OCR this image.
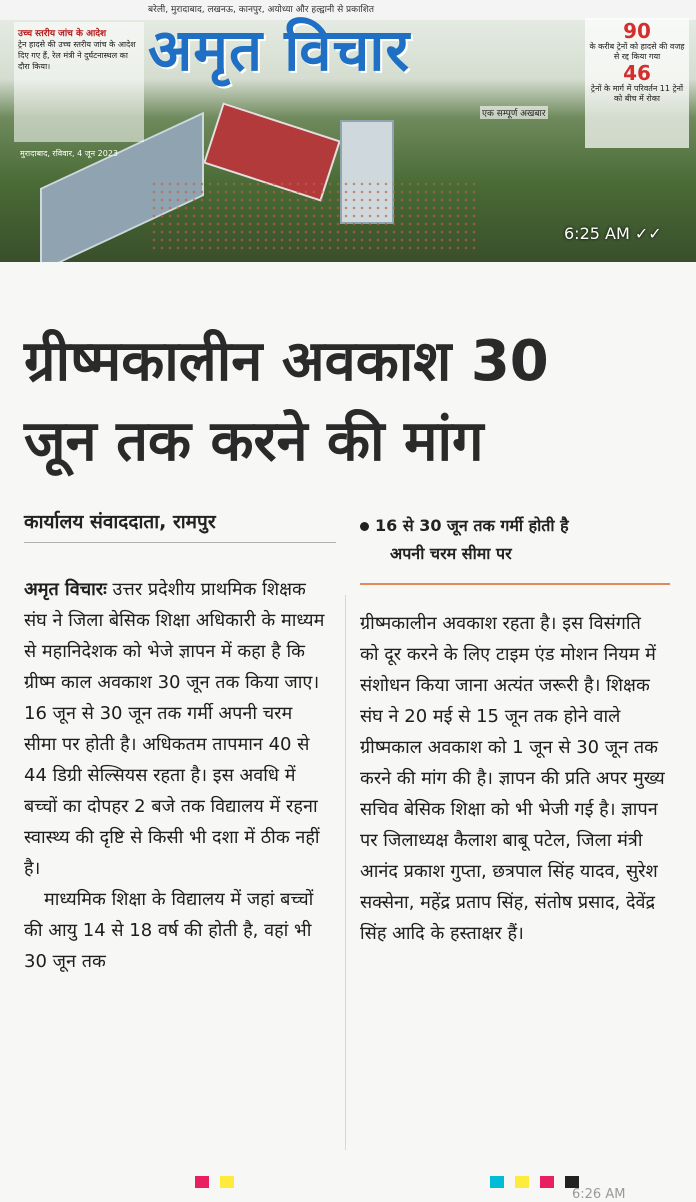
बरेली, मुरादाबाद, लखनऊ, कानपुर, अयोध्या और हल्द्वानी से प्रकाशित
अमृत विचार
उच्च स्तरीय जांच के आदेश
ट्रेन हादसे की उच्च स्तरीय जांच के आदेश दिए गए हैं, रेल मंत्री ने दुर्घटनास्थल का दौरा किया।
मुरादाबाद, रविवार, 4 जून 2023
एक सम्पूर्ण अखबार
90
के करीब ट्रेनों को हादसे की वजह से रद्द किया गया
46
ट्रेनों के मार्ग में परिवर्तन 11 ट्रेनों को बीच में रोका
6:25 AM ✓✓
ग्रीष्मकालीन अवकाश 30
जून तक करने की मांग
कार्यालय संवाददाता, रामपुर	16 से 30 जून तक गर्मी होती है
अपनी चरम सीमा पर

अमृत विचारः उत्तर प्रदेशीय प्राथमिक शिक्षक संघ ने जिला बेसिक शिक्षा अधिकारी के माध्यम से महानिदेशक को भेजे ज्ञापन में कहा है कि ग्रीष्म काल अवकाश 30 जून तक किया जाए। 16 जून से 30 जून तक गर्मी अपनी चरम सीमा पर होती है। अधिकतम तापमान 40 से 44 डिग्री सेल्सियस रहता है। इस अवधि में बच्चों का दोपहर 2 बजे तक विद्यालय में रहना स्वास्थ्य की दृष्टि से किसी भी दशा में ठीक नहीं है।

माध्यमिक शिक्षा के विद्यालय में जहां बच्चों की आयु 14 से 18 वर्ष की होती है, वहां भी 30 जून तक

ग्रीष्मकालीन अवकाश रहता है। इस विसंगति को दूर करने के लिए टाइम एंड मोशन नियम में संशोधन किया जाना अत्यंत जरूरी है। शिक्षक संघ ने 20 मई से 15 जून तक होने वाले ग्रीष्मकाल अवकाश को 1 जून से 30 जून तक करने की मांग की है। ज्ञापन की प्रति अपर मुख्य सचिव बेसिक शिक्षा को भी भेजी गई है। ज्ञापन पर जिलाध्यक्ष कैलाश बाबू पटेल, जिला मंत्री आनंद प्रकाश गुप्ता, छत्रपाल सिंह यादव, सुरेश सक्सेना, महेंद्र प्रताप सिंह, संतोष प्रसाद, देवेंद्र सिंह आदि के हस्ताक्षर हैं।

6:26 AM
